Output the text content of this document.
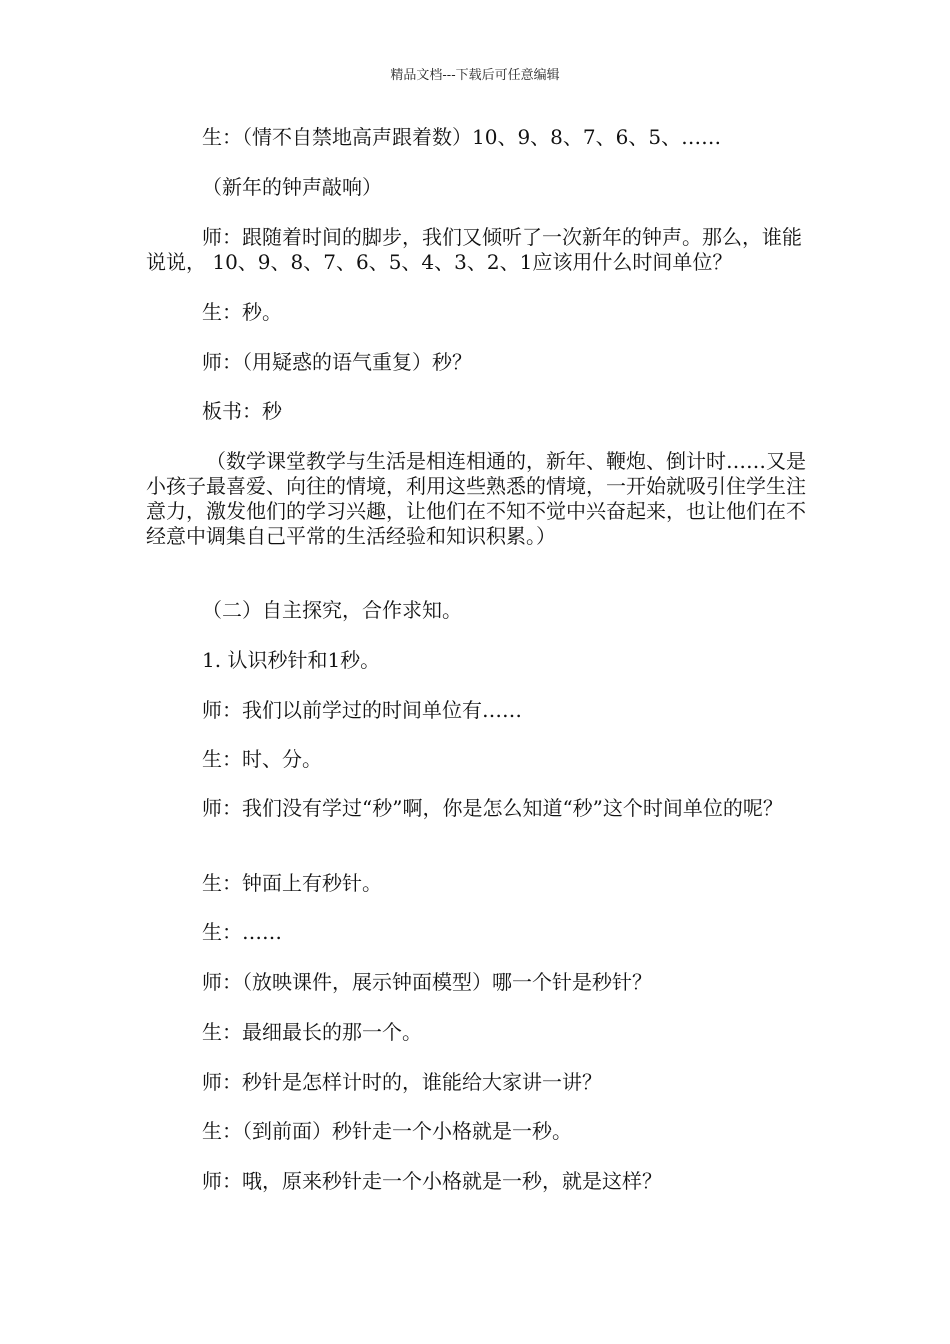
精品文档---下载后可任意编辑
生：（情不自禁地高声跟着数）10、9、8、7、6、5、……
（新年的钟声敲响）
师：跟随着时间的脚步，我们又倾听了一次新年的钟声。那么，谁能说说， 10、9、8、7、6、5、4、3、2、1应该用什么时间单位？
生：秒。
师：（用疑惑的语气重复）秒？
板书：秒
（数学课堂教学与生活是相连相通的，新年、鞭炮、倒计时……又是小孩子最喜爱、向往的情境，利用这些熟悉的情境，一开始就吸引住学生注意力，激发他们的学习兴趣，让他们在不知不觉中兴奋起来，也让他们在不经意中调集自己平常的生活经验和知识积累。）
（二）自主探究，合作求知。
1. 认识秒针和1秒。
师：我们以前学过的时间单位有……
生：时、分。
师：我们没有学过“秒”啊，你是怎么知道“秒”这个时间单位的呢？
生：钟面上有秒针。
生：……
师：（放映课件，展示钟面模型）哪一个针是秒针？
生：最细最长的那一个。
师：秒针是怎样计时的，谁能给大家讲一讲？
生：（到前面）秒针走一个小格就是一秒。
师：哦，原来秒针走一个小格就是一秒，就是这样？
